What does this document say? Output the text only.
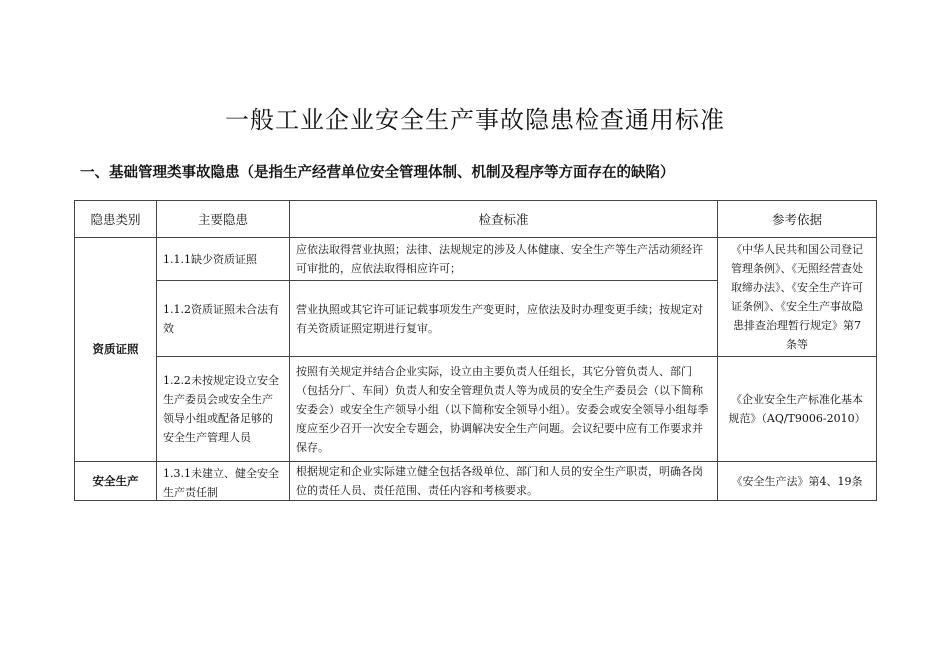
一般工业企业安全生产事故隐患检查通用标准
一、基础管理类事故隐患（是指生产经营单位安全管理体制、机制及程序等方面存在的缺陷）
隐患类别	主要隐患	检查标准	参考依据
资质证照	1.1.1缺少资质证照	应依法取得营业执照；法律、法规规定的涉及人体健康、安全生产等生产活动须经许可审批的，应依法取得相应许可；	《中华人民共和国公司登记管理条例》、《无照经营查处取缔办法》、《安全生产许可证条例》、《安全生产事故隐患排查治理暂行规定》第7条等
	1.1.2资质证照未合法有效	营业执照或其它许可证记载事项发生产变更时，应依法及时办理变更手续；按规定对有关资质证照定期进行复审。	
	1.2.2未按规定设立安全生产委员会或安全生产领导小组或配备足够的安全生产管理人员	按照有关规定并结合企业实际，设立由主要负责人任组长，其它分管负责人、部门（包括分厂、车间）负责人和安全管理负责人等为成员的安全生产委员会（以下简称安委会）或安全生产领导小组（以下简称安全领导小组）。安委会或安全领导小组每季度应至少召开一次安全专题会，协调解决安全生产问题。会议纪要中应有工作要求并保存。	《企业安全生产标准化基本规范》（AQ/T9006-2010）
安全生产	1.3.1未建立、健全安全生产责任制	根据规定和企业实际建立健全包括各级单位、部门和人员的安全生产职责，明确各岗位的责任人员、责任范围、责任内容和考核要求。	《安全生产法》第4、19条
